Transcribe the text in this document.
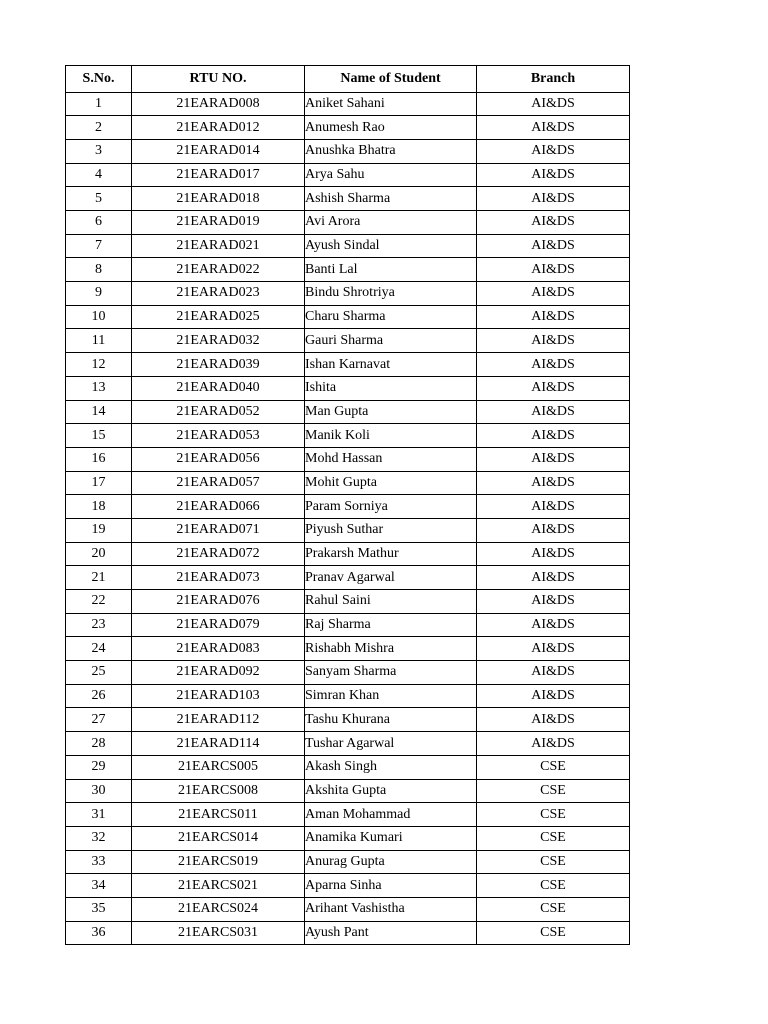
S.No.	RTU NO.	Name of Student	Branch
1	21EARAD008	Aniket Sahani	AI&DS
2	21EARAD012	Anumesh Rao	AI&DS
3	21EARAD014	Anushka Bhatra	AI&DS
4	21EARAD017	Arya Sahu	AI&DS
5	21EARAD018	Ashish Sharma	AI&DS
6	21EARAD019	Avi Arora	AI&DS
7	21EARAD021	Ayush Sindal	AI&DS
8	21EARAD022	Banti Lal	AI&DS
9	21EARAD023	Bindu Shrotriya	AI&DS
10	21EARAD025	Charu Sharma	AI&DS
11	21EARAD032	Gauri Sharma	AI&DS
12	21EARAD039	Ishan Karnavat	AI&DS
13	21EARAD040	Ishita	AI&DS
14	21EARAD052	Man Gupta	AI&DS
15	21EARAD053	Manik Koli	AI&DS
16	21EARAD056	Mohd Hassan	AI&DS
17	21EARAD057	Mohit Gupta	AI&DS
18	21EARAD066	Param Sorniya	AI&DS
19	21EARAD071	Piyush Suthar	AI&DS
20	21EARAD072	Prakarsh Mathur	AI&DS
21	21EARAD073	Pranav Agarwal	AI&DS
22	21EARAD076	Rahul Saini	AI&DS
23	21EARAD079	Raj Sharma	AI&DS
24	21EARAD083	Rishabh Mishra	AI&DS
25	21EARAD092	Sanyam Sharma	AI&DS
26	21EARAD103	Simran Khan	AI&DS
27	21EARAD112	Tashu Khurana	AI&DS
28	21EARAD114	Tushar Agarwal	AI&DS
29	21EARCS005	Akash Singh	CSE
30	21EARCS008	Akshita Gupta	CSE
31	21EARCS011	Aman Mohammad	CSE
32	21EARCS014	Anamika Kumari	CSE
33	21EARCS019	Anurag Gupta	CSE
34	21EARCS021	Aparna Sinha	CSE
35	21EARCS024	Arihant Vashistha	CSE
36	21EARCS031	Ayush Pant	CSE
